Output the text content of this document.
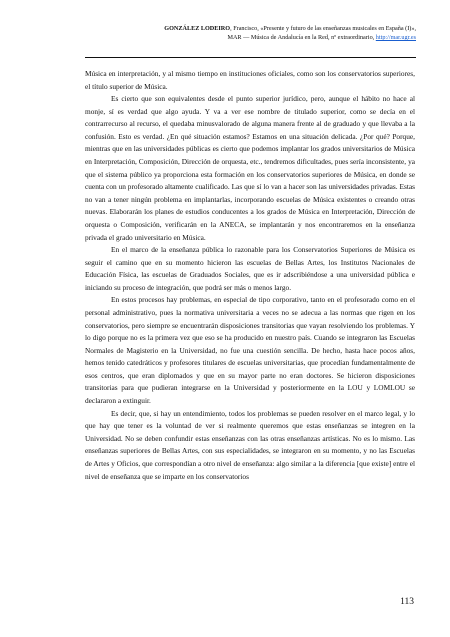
GONZÁLEZ LODEIRO, Francisco, «Presente y futuro de las enseñanzas musicales en España (I)»,
MAR — Música de Andalucía en la Red, nº extraordinario, http://mar.ugr.es

Música en interpretación, y al mismo tiempo en instituciones oficiales, como son los conservatorios superiores, el título superior de Música.

Es cierto que son equivalentes desde el punto superior jurídico, pero, aunque el hábito no hace al monje, sí es verdad que algo ayuda. Y va a ver ese nombre de titulado superior, como se decía en el contrarrecurso al recurso, el quedaba minusvalorado de alguna manera frente al de graduado y que llevaba a la confusión. Esto es verdad. ¿En qué situación estamos? Estamos en una situación delicada. ¿Por qué? Porque, mientras que en las universidades públicas es cierto que podemos implantar los grados universitarios de Música en Interpretación, Composición, Dirección de orquesta, etc., tendremos dificultades, pues sería inconsistente, ya que el sistema público ya proporciona esta formación en los conservatorios superiores de Música, en donde se cuenta con un profesorado altamente cualificado. Las que sí lo van a hacer son las universidades privadas. Estas no van a tener ningún problema en implantarlas, incorporando escuelas de Música existentes o creando otras nuevas. Elaborarán los planes de estudios conducentes a los grados de Música en Interpretación, Dirección de orquesta o Composición, verificarán en la ANECA, se implantarán y nos encontraremos en la enseñanza privada el grado universitario en Música.

En el marco de la enseñanza pública lo razonable para los Conservatorios Superiores de Música es seguir el camino que en su momento hicieron las escuelas de Bellas Artes, los Institutos Nacionales de Educación Física, las escuelas de Graduados Sociales, que es ir adscribiéndose a una universidad pública e iniciando su proceso de integración, que podrá ser más o menos largo.

En estos procesos hay problemas, en especial de tipo corporativo, tanto en el profesorado como en el personal administrativo, pues la normativa universitaria a veces no se adecua a las normas que rigen en los conservatorios, pero siempre se encuentrarán disposiciones transitorias que vayan resolviendo los problemas. Y lo digo porque no es la primera vez que eso se ha producido en nuestro país. Cuando se integraron las Escuelas Normales de Magisterio en la Universidad, no fue una cuestión sencilla. De hecho, hasta hace pocos años, hemos tenido catedráticos y profesores titulares de escuelas universitarias, que procedían fundamentalmente de esos centros, que eran diplomados y que en su mayor parte no eran doctores. Se hicieron disposiciones transitorias para que pudieran integrarse en la Universidad y posteriormente en la LOU y LOMLOU se declararon a extinguir.

Es decir, que, si hay un entendimiento, todos los problemas se pueden resolver en el marco legal, y lo que hay que tener es la voluntad de ver si realmente queremos que estas enseñanzas se integren en la Universidad. No se deben confundir estas enseñanzas con las otras enseñanzas artísticas. No es lo mismo. Las enseñanzas superiores de Bellas Artes, con sus especialidades, se integraron en su momento, y no las Escuelas de Artes y Oficios, que correspondían a otro nivel de enseñanza: algo similar a la diferencia [que existe] entre el nivel de enseñanza que se imparte en los conservatorios

113
